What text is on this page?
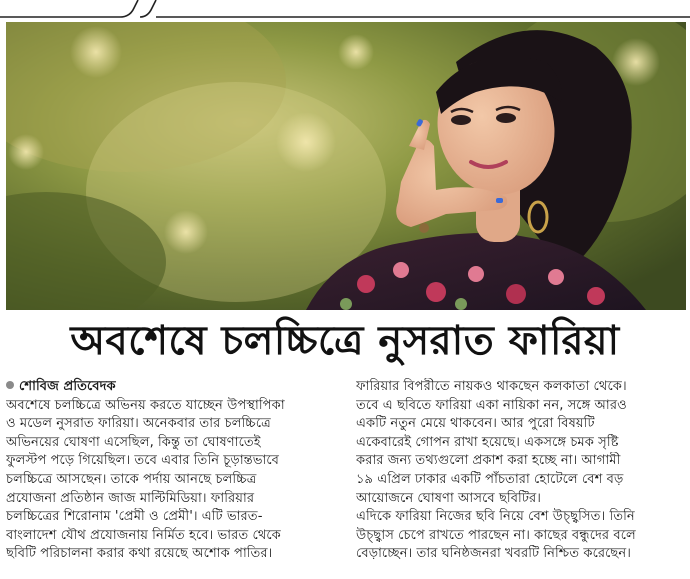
অবশেষে চলচ্চিত্রে নুসরাত ফারিয়া
শোবিজ প্রতিবেদক
অবশেষে চলচ্চিত্রে অভিনয় করতে যাচ্ছেন উপস্থাপিকা
ও মডেল নুসরাত ফারিয়া। অনেকবার তার চলচ্চিত্রে
অভিনয়ের ঘোষণা এসেছিল, কিন্তু তা ঘোষণাতেই
ফুলস্টপ পড়ে গিয়েছিল। তবে এবার তিনি চূড়ান্তভাবে
চলচ্চিত্রে আসছেন। তাকে পর্দায় আনছে চলচ্চিত্র
প্রযোজনা প্রতিষ্ঠান জাজ মাল্টিমিডিয়া। ফারিয়ার
চলচ্চিত্রের শিরোনাম 'প্রেমী ও প্রেমী'। এটি ভারত-
বাংলাদেশ যৌথ প্রযোজনায় নির্মিত হবে। ভারত থেকে
ছবিটি পরিচালনা করার কথা রয়েছে অশোক পাতির।
ফারিয়ার বিপরীতে নায়কও থাকছেন কলকাতা থেকে।
তবে এ ছবিতে ফারিয়া একা নায়িকা নন, সঙ্গে আরও
একটি নতুন মেয়ে থাকবেন। আর পুরো বিষয়টি
একেবারেই গোপন রাখা হয়েছে। একসঙ্গে চমক সৃষ্টি
করার জন্য তথ্যগুলো প্রকাশ করা হচ্ছে না। আগামী
১৯ এপ্রিল ঢাকার একটি পাঁচতারা হোটেলে বেশ বড়
আয়োজনে ঘোষণা আসবে ছবিটির।
এদিকে ফারিয়া নিজের ছবি নিয়ে বেশ উচ্ছ্বসিত। তিনি
উচ্ছ্বাস চেপে রাখতে পারছেন না। কাছের বন্ধুদের বলে
বেড়াচ্ছেন। তার ঘনিষ্ঠজনরা খবরটি নিশ্চিত করেছেন।
